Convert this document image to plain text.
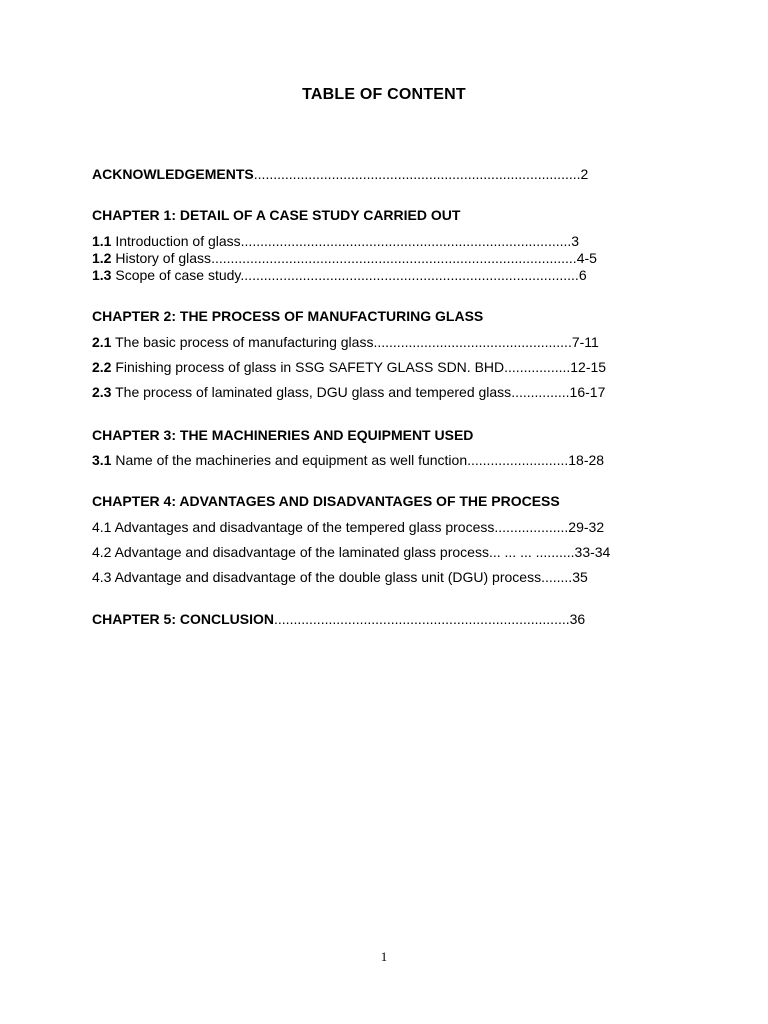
TABLE OF CONTENT
ACKNOWLEDGEMENTS....................................................................................2
CHAPTER 1: DETAIL OF A CASE STUDY CARRIED OUT
1.1 Introduction of glass.....................................................................................3
1.2 History of glass..............................................................................................4-5
1.3 Scope of case study.......................................................................................6
CHAPTER 2: THE PROCESS OF MANUFACTURING GLASS
2.1 The basic process of manufacturing glass...................................................7-11
2.2 Finishing process of glass in SSG SAFETY GLASS SDN. BHD.................12-15
2.3 The process of laminated glass, DGU glass and tempered glass...............16-17
CHAPTER 3: THE MACHINERIES AND EQUIPMENT USED
3.1 Name of the machineries and equipment as well function..........................18-28
CHAPTER 4: ADVANTAGES AND DISADVANTAGES OF THE PROCESS
4.1 Advantages and disadvantage of the tempered glass process...................29-32
4.2 Advantage and disadvantage of the laminated glass process... ... ... ..........33-34
4.3 Advantage and disadvantage of the double glass unit (DGU) process........35
CHAPTER 5: CONCLUSION............................................................................36
1
